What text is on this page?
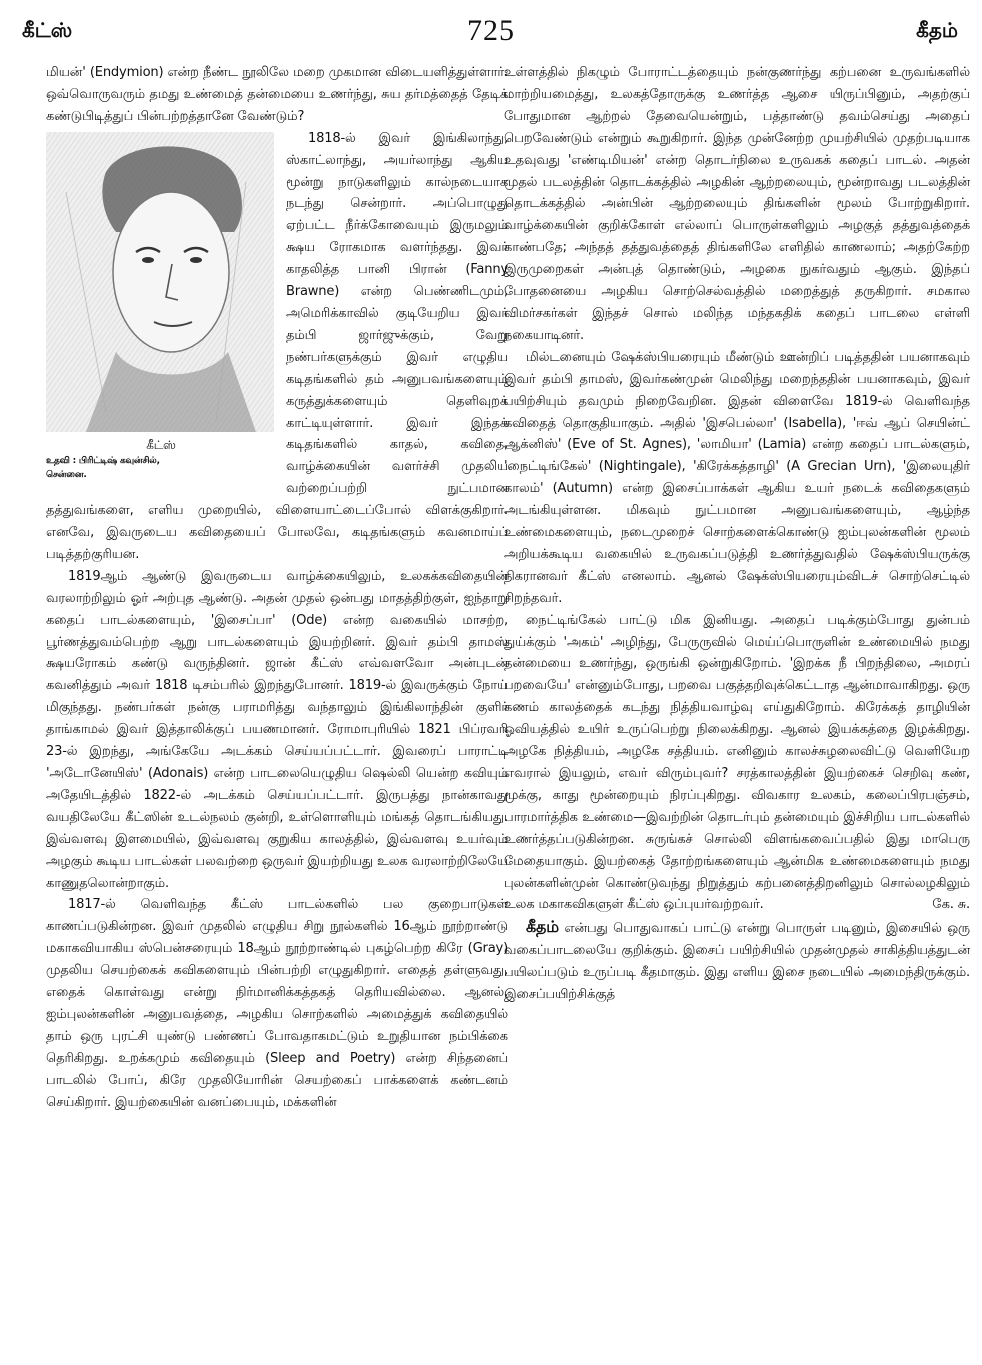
கீட்ஸ்	725	கீதம்

மியன்' (Endymion) என்ற நீண்ட நூலிலே மறை முகமான விடையளித்துள்ளார். ஒவ்வொருவரும் தமது உண்மைத் தன்மையை உணர்ந்து, சுய தர்மத்தைத் தேடிக் கண்டுபிடித்துப் பின்பற்றத்தானே வேண்டும்?

கீட்ஸ்
உதவி : பிரிட்டிஷ் கவுன்சில்,
சென்னை.

1818-ல் இவர் இங்கிலாந்து, ஸ்காட்லாந்து, அயர்லாந்து ஆகிய மூன்று நாடுகளிலும் கால்நடையாக நடந்து சென்றார். அப்பொழுது ஏற்பட்ட நீர்க்கோவையும் இருமலும் க்ஷய ரோகமாக வளர்ந்தது. இவர் காதலித்த பானி பிரான் (Fanny Brawne) என்ற பெண்ணிடமும், அமெரிக்காவில் குடியேறிய இவர் தம்பி ஜார்ஜுக்கும், வேறு நண்பர்களுக்கும் இவர் எழுதிய கடிதங்களில் தம் அனுபவங்களையும் கருத்துக்களையும் தெளிவுறக் காட்டியுள்ளார். இவர் இந்தக் கடிதங்களில் காதல், கவிதை, வாழ்க்கையின் வளர்ச்சி முதலிய வற்றைப்பற்றி நுட்பமான தத்துவங்களை, எளிய முறையில், விளையாட்டைப்போல் விளக்குகிறார். எனவே, இவருடைய கவிதையைப் போலவே, கடிதங்களும் கவனமாய்ப் படித்தற்குரியன.

1819ஆம் ஆண்டு இவருடைய வாழ்க்கையிலும், உலகக்கவிதையின் வரலாற்றிலும் ஓர் அற்புத ஆண்டு. அதன் முதல் ஒன்பது மாதத்திற்குள், ஐந்தாறு கதைப் பாடல்களையும், 'இசைப்பா' (Ode) என்ற வகையில் மாசற்ற, பூர்ணத்துவம்பெற்ற ஆறு பாடல்களையும் இயற்றினர். இவர் தம்பி தாமஸ் க்ஷயரோகம் கண்டு வருந்தினர். ஜான் கீட்ஸ் எவ்வளவோ அன்புடன் கவனித்தும் அவர் 1818 டிசம்பரில் இறந்துபோனர். 1819-ல் இவருக்கும் நோய் மிகுந்தது. நண்பர்கள் நன்கு பராமரித்து வந்தாலும் இங்கிலாந்தின் குளிர் தாங்காமல் இவர் இத்தாலிக்குப் பயணமானர். ரோமாபுரியில் 1821 பிப்ரவரி 23-ல் இறந்து, அங்கேயே அடக்கம் செய்யப்பட்டார். இவரைப் பாராட்டி 'அடோனேயிஸ்' (Adonais) என்ற பாடலையெழுதிய ஷெல்லி யென்ற கவியும் அதேயிடத்தில் 1822-ல் அடக்கம் செய்யப்பட்டார். இருபத்து நான்காவது வயதிலேயே கீட்ஸின் உடல்நலம் குன்றி, உள்ளொளியும் மங்கத் தொடங்கியது. இவ்வளவு இளமையில், இவ்வளவு குறுகிய காலத்தில், இவ்வளவு உயர்வும் அழகும் கூடிய பாடல்கள் பலவற்றை ஒருவர் இயற்றியது உலக வரலாற்றிலேயே காணுதலொன்றாகும்.

1817-ல் வெளிவந்த கீட்ஸ் பாடல்களில் பல குறைபாடுகள் காணப்படுகின்றன. இவர் முதலில் எழுதிய சிறு நூல்களில் 16ஆம் நூற்றாண்டு மகாகவியாகிய ஸ்பென்சரையும் 18ஆம் நூற்றாண்டில் புகழ்பெற்ற கிரே (Gray) முதலிய செயற்கைக் கவிகளையும் பின்பற்றி எழுதுகிறார். எதைத் தள்ளுவது, எதைக் கொள்வது என்று நிர்மானிக்கத்தகத் தெரியவில்லை. ஆனல், ஐம்புலன்களின் அனுபவத்தை, அழகிய சொற்களில் அமைத்துக் கவிதையில் தாம் ஒரு புரட்சி யுண்டு பண்ணப் போவதாகமட்டும் உறுதியான நம்பிக்கை தெரிகிறது. உறக்கமும் கவிதையும் (Sleep and Poetry) என்ற சிந்தனைப் பாடலில் போப், கிரே முதலியோரின் செயற்கைப் பாக்களைக் கண்டனம் செய்கிறார். இயற்கையின் வனப்பையும், மக்களின்

உள்ளத்தில் நிகழும் போராட்டத்தையும் நன்குணர்ந்து கற்பனை உருவங்களில் மாற்றியமைத்து, உலகத்தோருக்கு உணர்த்த ஆசை யிருப்பினும், அதற்குப் போதுமான ஆற்றல் தேவையென்றும், பத்தாண்டு தவம்செய்து அதைப் பெறவேண்டும் என்றும் கூறுகிறார். இந்த முன்னேற்ற முயற்சியில் முதற்படியாக உதவுவது 'எண்டிமியன்' என்ற தொடர்நிலை உருவகக் கதைப் பாடல். அதன் முதல் படலத்தின் தொடக்கத்தில் அழகின் ஆற்றலையும், மூன்றாவது படலத்தின் தொடக்கத்தில் அன்பின் ஆற்றலையும் திங்களின் மூலம் போற்றுகிறார். வாழ்க்கையின் குறிக்கோள் எல்லாப் பொருள்களிலும் அழகுத் தத்துவத்தைக் காண்பதே; அந்தத் தத்துவத்தைத் திங்களிலே எளிதில் காணலாம்; அதற்கேற்ற இருமுறைகள் அன்புத் தொண்டும், அழகை நுகர்வதும் ஆகும். இந்தப் போதனையை அழகிய சொற்செல்வத்தில் மறைத்துத் தருகிறார். சமகால விமர்சகர்கள் இந்தச் சொல் மலிந்த மந்தகதிக் கதைப் பாடலை எள்ளி நகையாடினர்.

மில்டனையும் ஷேக்ஸ்பியரையும் மீண்டும் ஊன்றிப் படித்ததின் பயனாகவும் இவர் தம்பி தாமஸ், இவர்கண்முன் மெலிந்து மறைந்ததின் பயனாகவும், இவர் பயிற்சியும் தவமும் நிறைவேறின. இதன் விளைவே 1819-ல் வெளிவந்த கவிதைத் தொகுதியாகும். அதில் 'இசபெல்லா' (Isabella), 'ஈவ் ஆப் செயின்ட் ஆக்னிஸ்' (Eve of St. Agnes), 'லாமியா' (Lamia) என்ற கதைப் பாடல்களும், 'நைட்டிங்கேல்' (Nightingale), 'கிரேக்கத்தாழி' (A Grecian Urn), 'இலையுதிர் காலம்' (Autumn) என்ற இசைப்பாக்கள் ஆகிய உயர் நடைக் கவிதைகளும் அடங்கியுள்ளன. மிகவும் நுட்பமான அனுபவங்களையும், ஆழ்ந்த உண்மைகளையும், நடைமுறைச் சொற்களைக்கொண்டு ஐம்புலன்களின் மூலம் அறியக்கூடிய வகையில் உருவகப்படுத்தி உணர்த்துவதில் ஷேக்ஸ்பியருக்கு நிகரானவர் கீட்ஸ் எனலாம். ஆனல் ஷேக்ஸ்பியரையும்விடச் சொற்செட்டில் சிறந்தவர்.

நைட்டிங்கேல் பாட்டு மிக இனியது. அதைப் படிக்கும்போது துன்பம் துய்க்கும் 'அகம்' அழிந்து, பேருருவில் மெய்ப்பொருளின் உண்மையில் நமது தன்மையை உணர்ந்து, ஒருங்கி ஒன்றுகிறோம். 'இறக்க நீ பிறந்திலை, அமரப் பறவையே' என்னும்போது, பறவை பகுத்தறிவுக்கெட்டாத ஆன்மாவாகிறது. ஒரு கணம் காலத்தைக் கடந்து நித்தியவாழ்வு எய்துகிறோம். கிரேக்கத் தாழியின் ஓவியத்தில் உயிர் உருப்பெற்று நிலைக்கிறது. ஆனல் இயக்கத்தை இழக்கிறது. அழகே நித்தியம், அழகே சத்தியம். எனினும் காலச்சுழலைவிட்டு வெளியேற எவரால் இயலும், எவர் விரும்புவர்? சரத்காலத்தின் இயற்கைச் செறிவு கண், மூக்கு, காது மூன்றையும் நிரப்புகிறது. விவகார உலகம், கலைப்பிரபஞ்சம், பாரமார்த்திக உண்மை—இவற்றின் தொடர்பும் தன்மையும் இச்சிறிய பாடல்களில் உணர்த்தப்படுகின்றன. சுருங்கச் சொல்லி விளங்கவைப்பதில் இது மாபெரு மேதையாகும். இயற்கைத் தோற்றங்களையும் ஆன்மிக உண்மைகளையும் நமது புலன்களின்முன் கொண்டுவந்து நிறுத்தும் கற்பனைத்திறனிலும் சொல்லழகிலும் உலக மகாகவிகளுள் கீட்ஸ் ஒப்புயர்வற்றவர்.	கே. சு.

கீதம் என்பது பொதுவாகப் பாட்டு என்று பொருள் படினும், இசையில் ஒரு வகைப்பாடலையே குறிக்கும். இசைப் பயிற்சியில் முதன்முதல் சாகித்தியத்துடன் பயிலப்படும் உருப்படி கீதமாகும். இது எளிய இசை நடையில் அமைந்திருக்கும். இசைப்பயிற்சிக்குத்
